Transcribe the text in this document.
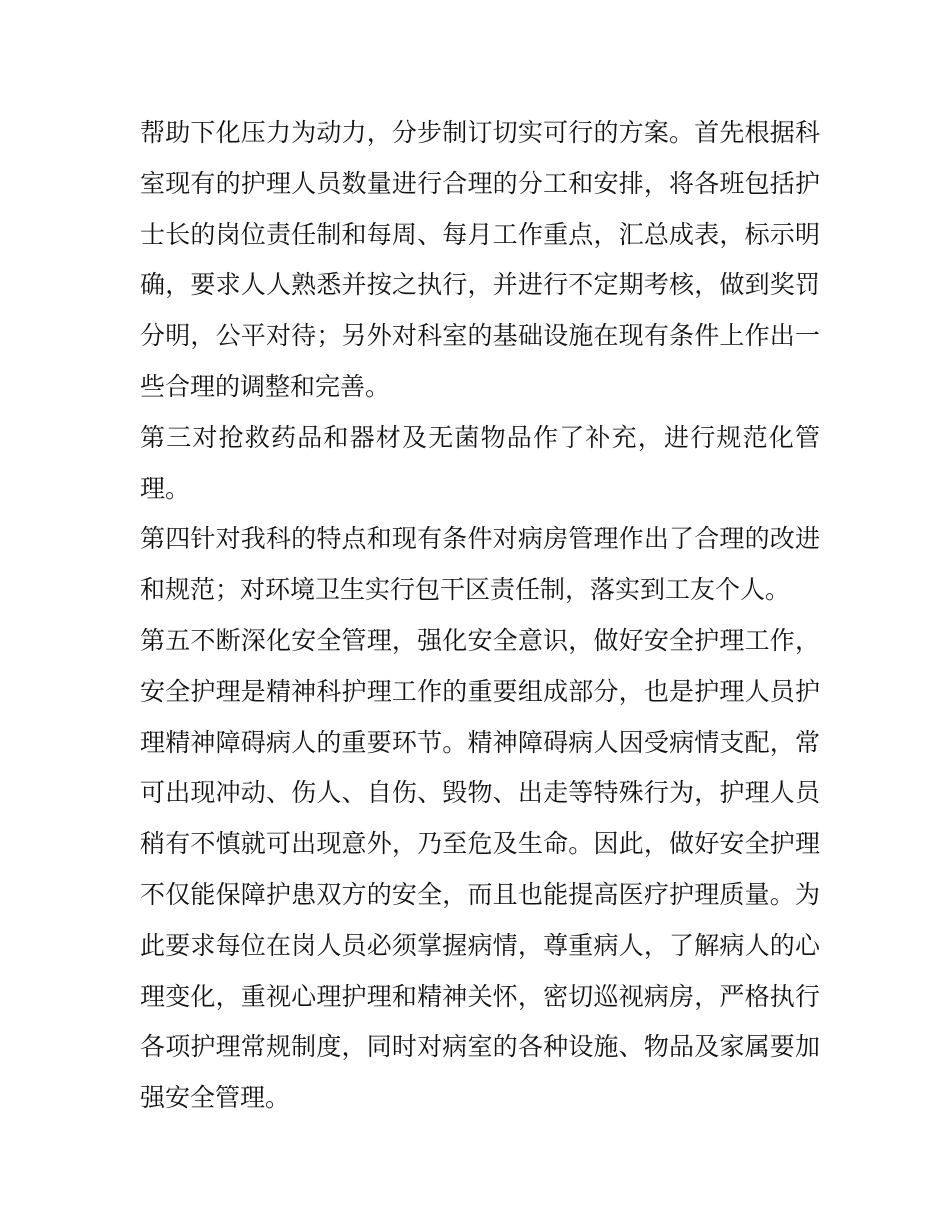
帮助下化压力为动力，分步制订切实可行的方案。首先根据科
室现有的护理人员数量进行合理的分工和安排，将各班包括护
士长的岗位责任制和每周、每月工作重点，汇总成表，标示明
确，要求人人熟悉并按之执行，并进行不定期考核，做到奖罚
分明，公平对待；另外对科室的基础设施在现有条件上作出一
些合理的调整和完善。
第三对抢救药品和器材及无菌物品作了补充，进行规范化管
理。
第四针对我科的特点和现有条件对病房管理作出了合理的改进
和规范；对环境卫生实行包干区责任制，落实到工友个人。
第五不断深化安全管理，强化安全意识，做好安全护理工作，
安全护理是精神科护理工作的重要组成部分，也是护理人员护
理精神障碍病人的重要环节。精神障碍病人因受病情支配，常
可出现冲动、伤人、自伤、毁物、出走等特殊行为，护理人员
稍有不慎就可出现意外，乃至危及生命。因此，做好安全护理
不仅能保障护患双方的安全，而且也能提高医疗护理质量。为
此要求每位在岗人员必须掌握病情，尊重病人，了解病人的心
理变化，重视心理护理和精神关怀，密切巡视病房，严格执行
各项护理常规制度，同时对病室的各种设施、物品及家属要加
强安全管理。
